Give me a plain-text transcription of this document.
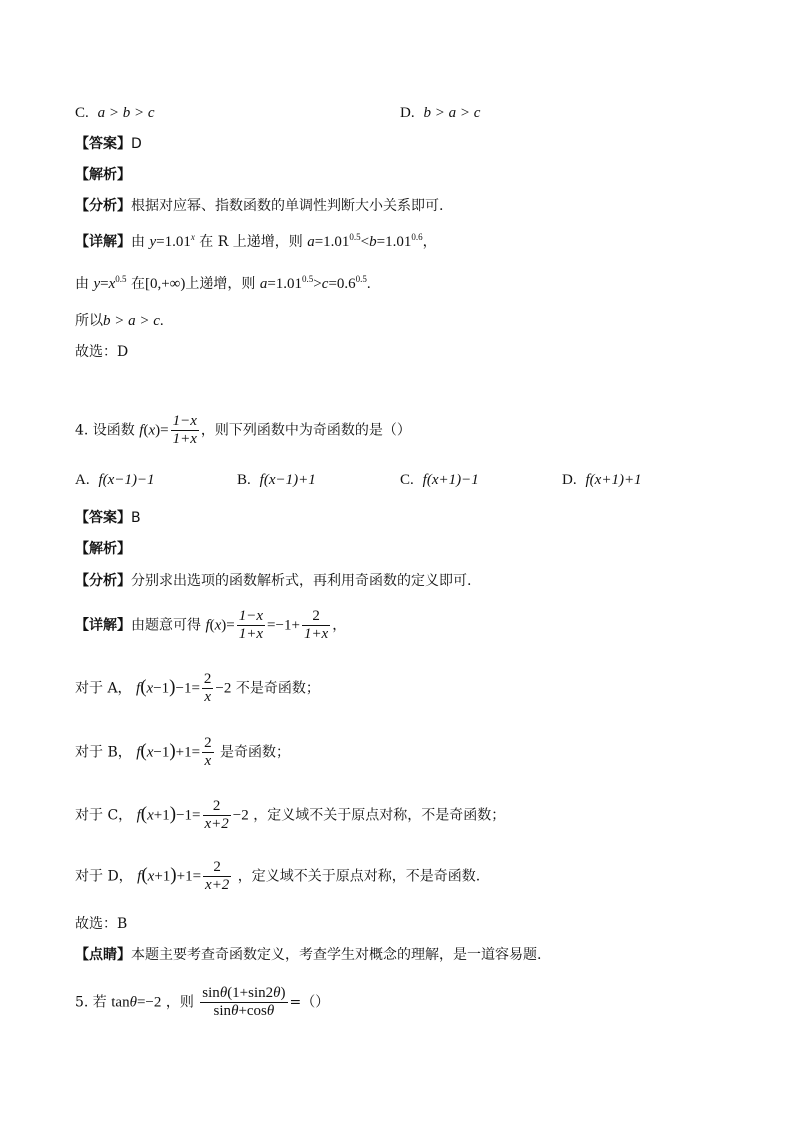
C. a > b > c	D. b > a > c
【答案】D
【解析】
【分析】根据对应幂、指数函数的单调性判断大小关系即可.
【详解】由 $y=1.01^x$ 在 R 上递增，则 $a=1.01^{0.5}<b=1.01^{0.6}$，
由 $y=x^{0.5}$ 在[0,+∞)上递增，则 $a=1.01^{0.5}>c=0.6^{0.5}$.
所以b > a > c.
故选：D
4. 设函数 $f(x)= \frac{1-x}{1+x}$ ，则下列函数中为奇函数的是（）
A. f(x−1)−1	B. f(x−1)+1	C. f(x+1)−1	D. f(x+1)+1
【答案】B
【解析】
【分析】分别求出选项的函数解析式，再利用奇函数的定义即可.
【详解】由题意可得 $f(x)= \frac{1-x}{1+x} =-1+ \frac{2}{1+x}$ ，
对于 A， $f(x-1)-1= \frac{2}{x} -2$ 不是奇函数；
对于 B， $f(x-1)+1= \frac{2}{x}$ 是奇函数；
对于 C， $f(x+1)-1= \frac{2}{x+2} -2$ ，定义域不关于原点对称，不是奇函数；
对于 D， $f(x+1)+1= \frac{2}{x+2}$ ，定义域不关于原点对称，不是奇函数.
故选：B
【点睛】本题主要考查奇函数定义，考查学生对概念的理解，是一道容易题.
5. 若 tanθ=−2 ，则 $\frac{\sin\theta(1+\sin 2\theta)}{\sin\theta+\cos\theta}$ =（）
